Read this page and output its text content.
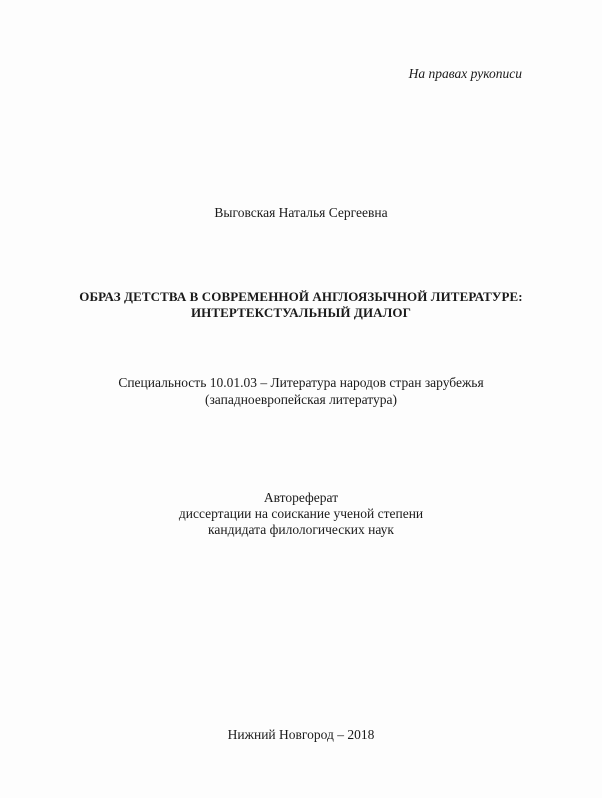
На правах рукописи
Выговская Наталья Сергеевна
ОБРАЗ ДЕТСТВА В СОВРЕМЕННОЙ АНГЛОЯЗЫЧНОЙ ЛИТЕРАТУРЕ:
ИНТЕРТЕКСТУАЛЬНЫЙ ДИАЛОГ
Специальность 10.01.03 – Литература народов стран зарубежья
(западноевропейская литература)
Автореферат
диссертации на соискание ученой степени
кандидата филологических наук
Нижний Новгород – 2018
